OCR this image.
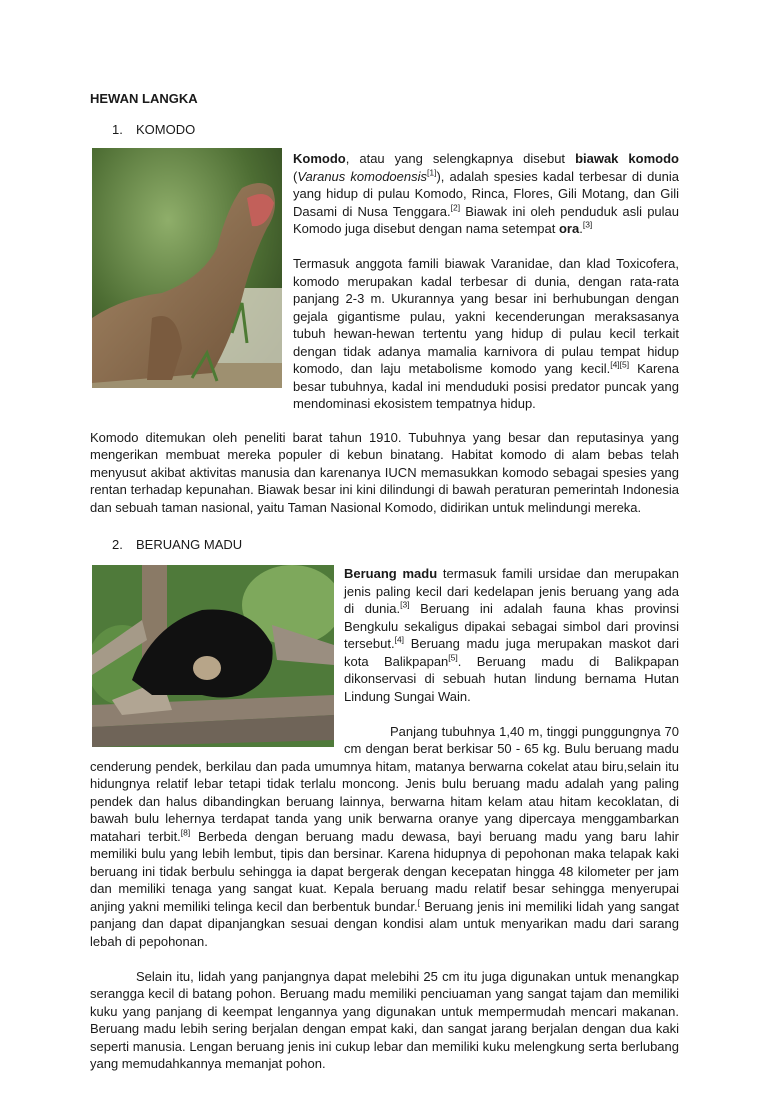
HEWAN LANGKA
1. KOMODO

Komodo, atau yang selengkapnya disebut biawak komodo (Varanus komodoensis[1]), adalah spesies kadal terbesar di dunia yang hidup di pulau Komodo, Rinca, Flores, Gili Motang, dan Gili Dasami di Nusa Tenggara.[2] Biawak ini oleh penduduk asli pulau Komodo juga disebut dengan nama setempat ora.[3]

Termasuk anggota famili biawak Varanidae, dan klad Toxicofera, komodo merupakan kadal terbesar di dunia, dengan rata-rata panjang 2-3 m. Ukurannya yang besar ini berhubungan dengan gejala gigantisme pulau, yakni kecenderungan meraksasanya tubuh hewan-hewan tertentu yang hidup di pulau kecil terkait dengan tidak adanya mamalia karnivora di pulau tempat hidup komodo, dan laju metabolisme komodo yang kecil.[4][5] Karena besar tubuhnya, kadal ini menduduki posisi predator puncak yang mendominasi ekosistem tempatnya hidup.

Komodo ditemukan oleh peneliti barat tahun 1910. Tubuhnya yang besar dan reputasinya yang mengerikan membuat mereka populer di kebun binatang. Habitat komodo di alam bebas telah menyusut akibat aktivitas manusia dan karenanya IUCN memasukkan komodo sebagai spesies yang rentan terhadap kepunahan. Biawak besar ini kini dilindungi di bawah peraturan pemerintah Indonesia dan sebuah taman nasional, yaitu Taman Nasional Komodo, didirikan untuk melindungi mereka.

2. BERUANG MADU

Beruang madu termasuk famili ursidae dan merupakan jenis paling kecil dari kedelapan jenis beruang yang ada di dunia.[3] Beruang ini adalah fauna khas provinsi Bengkulu sekaligus dipakai sebagai simbol dari provinsi tersebut.[4] Beruang madu juga merupakan maskot dari kota Balikpapan[5]. Beruang madu di Balikpapan dikonservasi di sebuah hutan lindung bernama Hutan Lindung Sungai Wain.

Panjang tubuhnya 1,40 m, tinggi punggungnya 70 cm dengan berat berkisar 50 - 65 kg. Bulu beruang madu cenderung pendek, berkilau dan pada umumnya hitam, matanya berwarna cokelat atau biru,selain itu hidungnya relatif lebar tetapi tidak terlalu moncong. Jenis bulu beruang madu adalah yang paling pendek dan halus dibandingkan beruang lainnya, berwarna hitam kelam atau hitam kecoklatan, di bawah bulu lehernya terdapat tanda yang unik berwarna oranye yang dipercaya menggambarkan matahari terbit.[8] Berbeda dengan beruang madu dewasa, bayi beruang madu yang baru lahir memiliki bulu yang lebih lembut, tipis dan bersinar. Karena hidupnya di pepohonan maka telapak kaki beruang ini tidak berbulu sehingga ia dapat bergerak dengan kecepatan hingga 48 kilometer per jam dan memiliki tenaga yang sangat kuat. Kepala beruang madu relatif besar sehingga menyerupai anjing yakni memiliki telinga kecil dan berbentuk bundar.[ Beruang jenis ini memiliki lidah yang sangat panjang dan dapat dipanjangkan sesuai dengan kondisi alam untuk menyarikan madu dari sarang lebah di pepohonan.

Selain itu, lidah yang panjangnya dapat melebihi 25 cm itu juga digunakan untuk menangkap serangga kecil di batang pohon. Beruang madu memiliki penciuaman yang sangat tajam dan memiliki kuku yang panjang di keempat lengannya yang digunakan untuk mempermudah mencari makanan. Beruang madu lebih sering berjalan dengan empat kaki, dan sangat jarang berjalan dengan dua kaki seperti manusia. Lengan beruang jenis ini cukup lebar dan memiliki kuku melengkung serta berlubang yang memudahkannya memanjat pohon.
